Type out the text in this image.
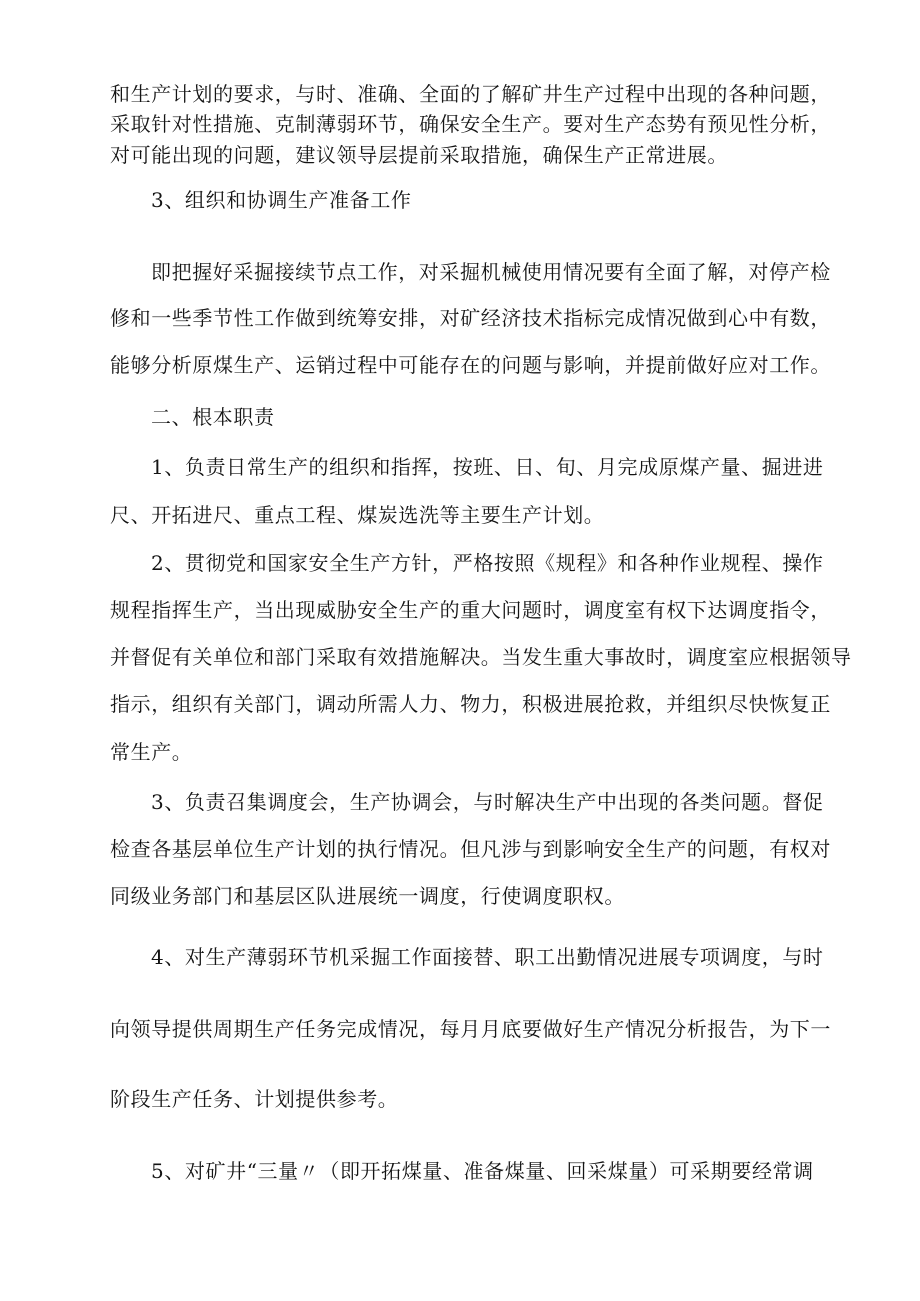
和生产计划的要求，与时、准确、全面的了解矿井生产过程中出现的各种问题，
采取针对性措施、克制薄弱环节，确保安全生产。要对生产态势有预见性分析，
对可能出现的问题，建议领导层提前采取措施，确保生产正常进展。
3、组织和协调生产准备工作
即把握好采掘接续节点工作，对采掘机械使用情况要有全面了解，对停产检
修和一些季节性工作做到统筹安排，对矿经济技术指标完成情况做到心中有数，
能够分析原煤生产、运销过程中可能存在的问题与影响，并提前做好应对工作。
二、根本职责
1、负责日常生产的组织和指挥，按班、日、旬、月完成原煤产量、掘进进
尺、开拓进尺、重点工程、煤炭选洗等主要生产计划。
2、贯彻党和国家安全生产方针，严格按照《规程》和各种作业规程、操作
规程指挥生产，当出现威胁安全生产的重大问题时，调度室有权下达调度指令，
并督促有关单位和部门采取有效措施解决。当发生重大事故时，调度室应根据领导
指示，组织有关部门，调动所需人力、物力，积极进展抢救，并组织尽快恢复正
常生产。
3、负责召集调度会，生产协调会，与时解决生产中出现的各类问题。督促
检查各基层单位生产计划的执行情况。但凡涉与到影响安全生产的问题，有权对
同级业务部门和基层区队进展统一调度，行使调度职权。
4、对生产薄弱环节机采掘工作面接替、职工出勤情况进展专项调度，与时
向领导提供周期生产任务完成情况，每月月底要做好生产情况分析报告，为下一
阶段生产任务、计划提供参考。
5、对矿井“三量〃（即开拓煤量、准备煤量、回采煤量）可采期要经常调
